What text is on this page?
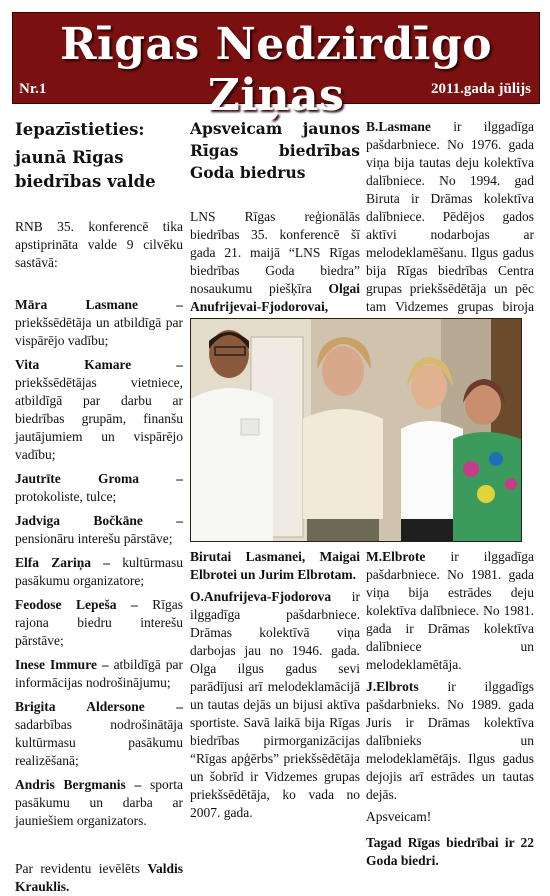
Rīgas Nedzirdīgo Ziņas
Nr.1	2011.gada jūlijs

Iepazīstieties:

jaunā Rīgas biedrības valde

RNB 35. konferencē tika apstiprināta valde 9 cilvēku sastāvā:

Māra Lasmane – priekšsēdētāja un atbildīgā par vispārējo vadību;

Vita Kamare – priekšsēdētājas vietniece, atbildīgā par darbu ar biedrības grupām, finanšu jautājumiem un vispārējo vadību;

Jautrīte Groma – protokoliste, tulce;

Jadviga Bočkāne – pensionāru interešu pārstāve;

Elfa Zariņa – kultūrmasu pasākumu organizatore;

Feodose Lepeša – Rīgas rajona biedru interešu pārstāve;

Inese Immure – atbildīgā par informācijas nodrošinājumu;

Brigita Aldersone – sadarbības nodrošinātāja kultūrmasu pasākumu realizēšanā;

Andris Bergmanis – sporta pasākumu un darba ar jauniešiem organizators.

Par revidentu ievēlēts Valdis Krauklis.

Apsveicam jaunos Rīgas biedrības Goda biedrus

LNS Rīgas reģionālās biedrības 35. konferencē šī gada 21. maijā “LNS Rīgas biedrības Goda biedra” nosaukumu piešķīra Olgai Anufrijevai-Fjodorovai,

B.Lasmane ir ilggadīga pašdarbniece. No 1976. gada viņa bija tautas deju kolektīva dalībniece. No 1994. gad Biruta ir Drāmas kolektīva dalībniece. Pēdējos gados aktīvi nodarbojas ar melodeklamēšanu. Ilgus gadus bija Rīgas biedrības Centra grupas priekšsēdētāja un pēc tam Vidzemes grupas biroja

Birutai Lasmanei, Maigai Elbrotei un Jurim Elbrotam.

O.Anufrijeva-Fjodorova ir ilggadīga pašdarbniece. Drāmas kolektīvā viņa darbojas jau no 1946. gada. Olga ilgus gadus sevi parādījusi arī melodeklamācijā un tautas dejās un bijusi aktīva sportiste. Savā laikā bija Rīgas biedrības pirmorganizācijas “Rīgas apģērbs” priekšsēdētāja un šobrīd ir Vidzemes grupas priekšsēdētāja, ko vada no 2007. gada.

M.Elbrote ir ilggadīga pašdarbniece. No 1981. gada viņa bija estrādes deju kolektīva dalībniece. No 1981. gada ir Drāmas kolektīva dalībniece un melodeklamētāja.

J.Elbrots ir ilggadīgs pašdarbnieks. No 1989. gada Juris ir Drāmas kolektīva dalībnieks un melodeklamētājs. Ilgus gadus dejojis arī estrādes un tautas dejās.

Apsveicam!

Tagad Rīgas biedrībai ir 22 Goda biedri.
